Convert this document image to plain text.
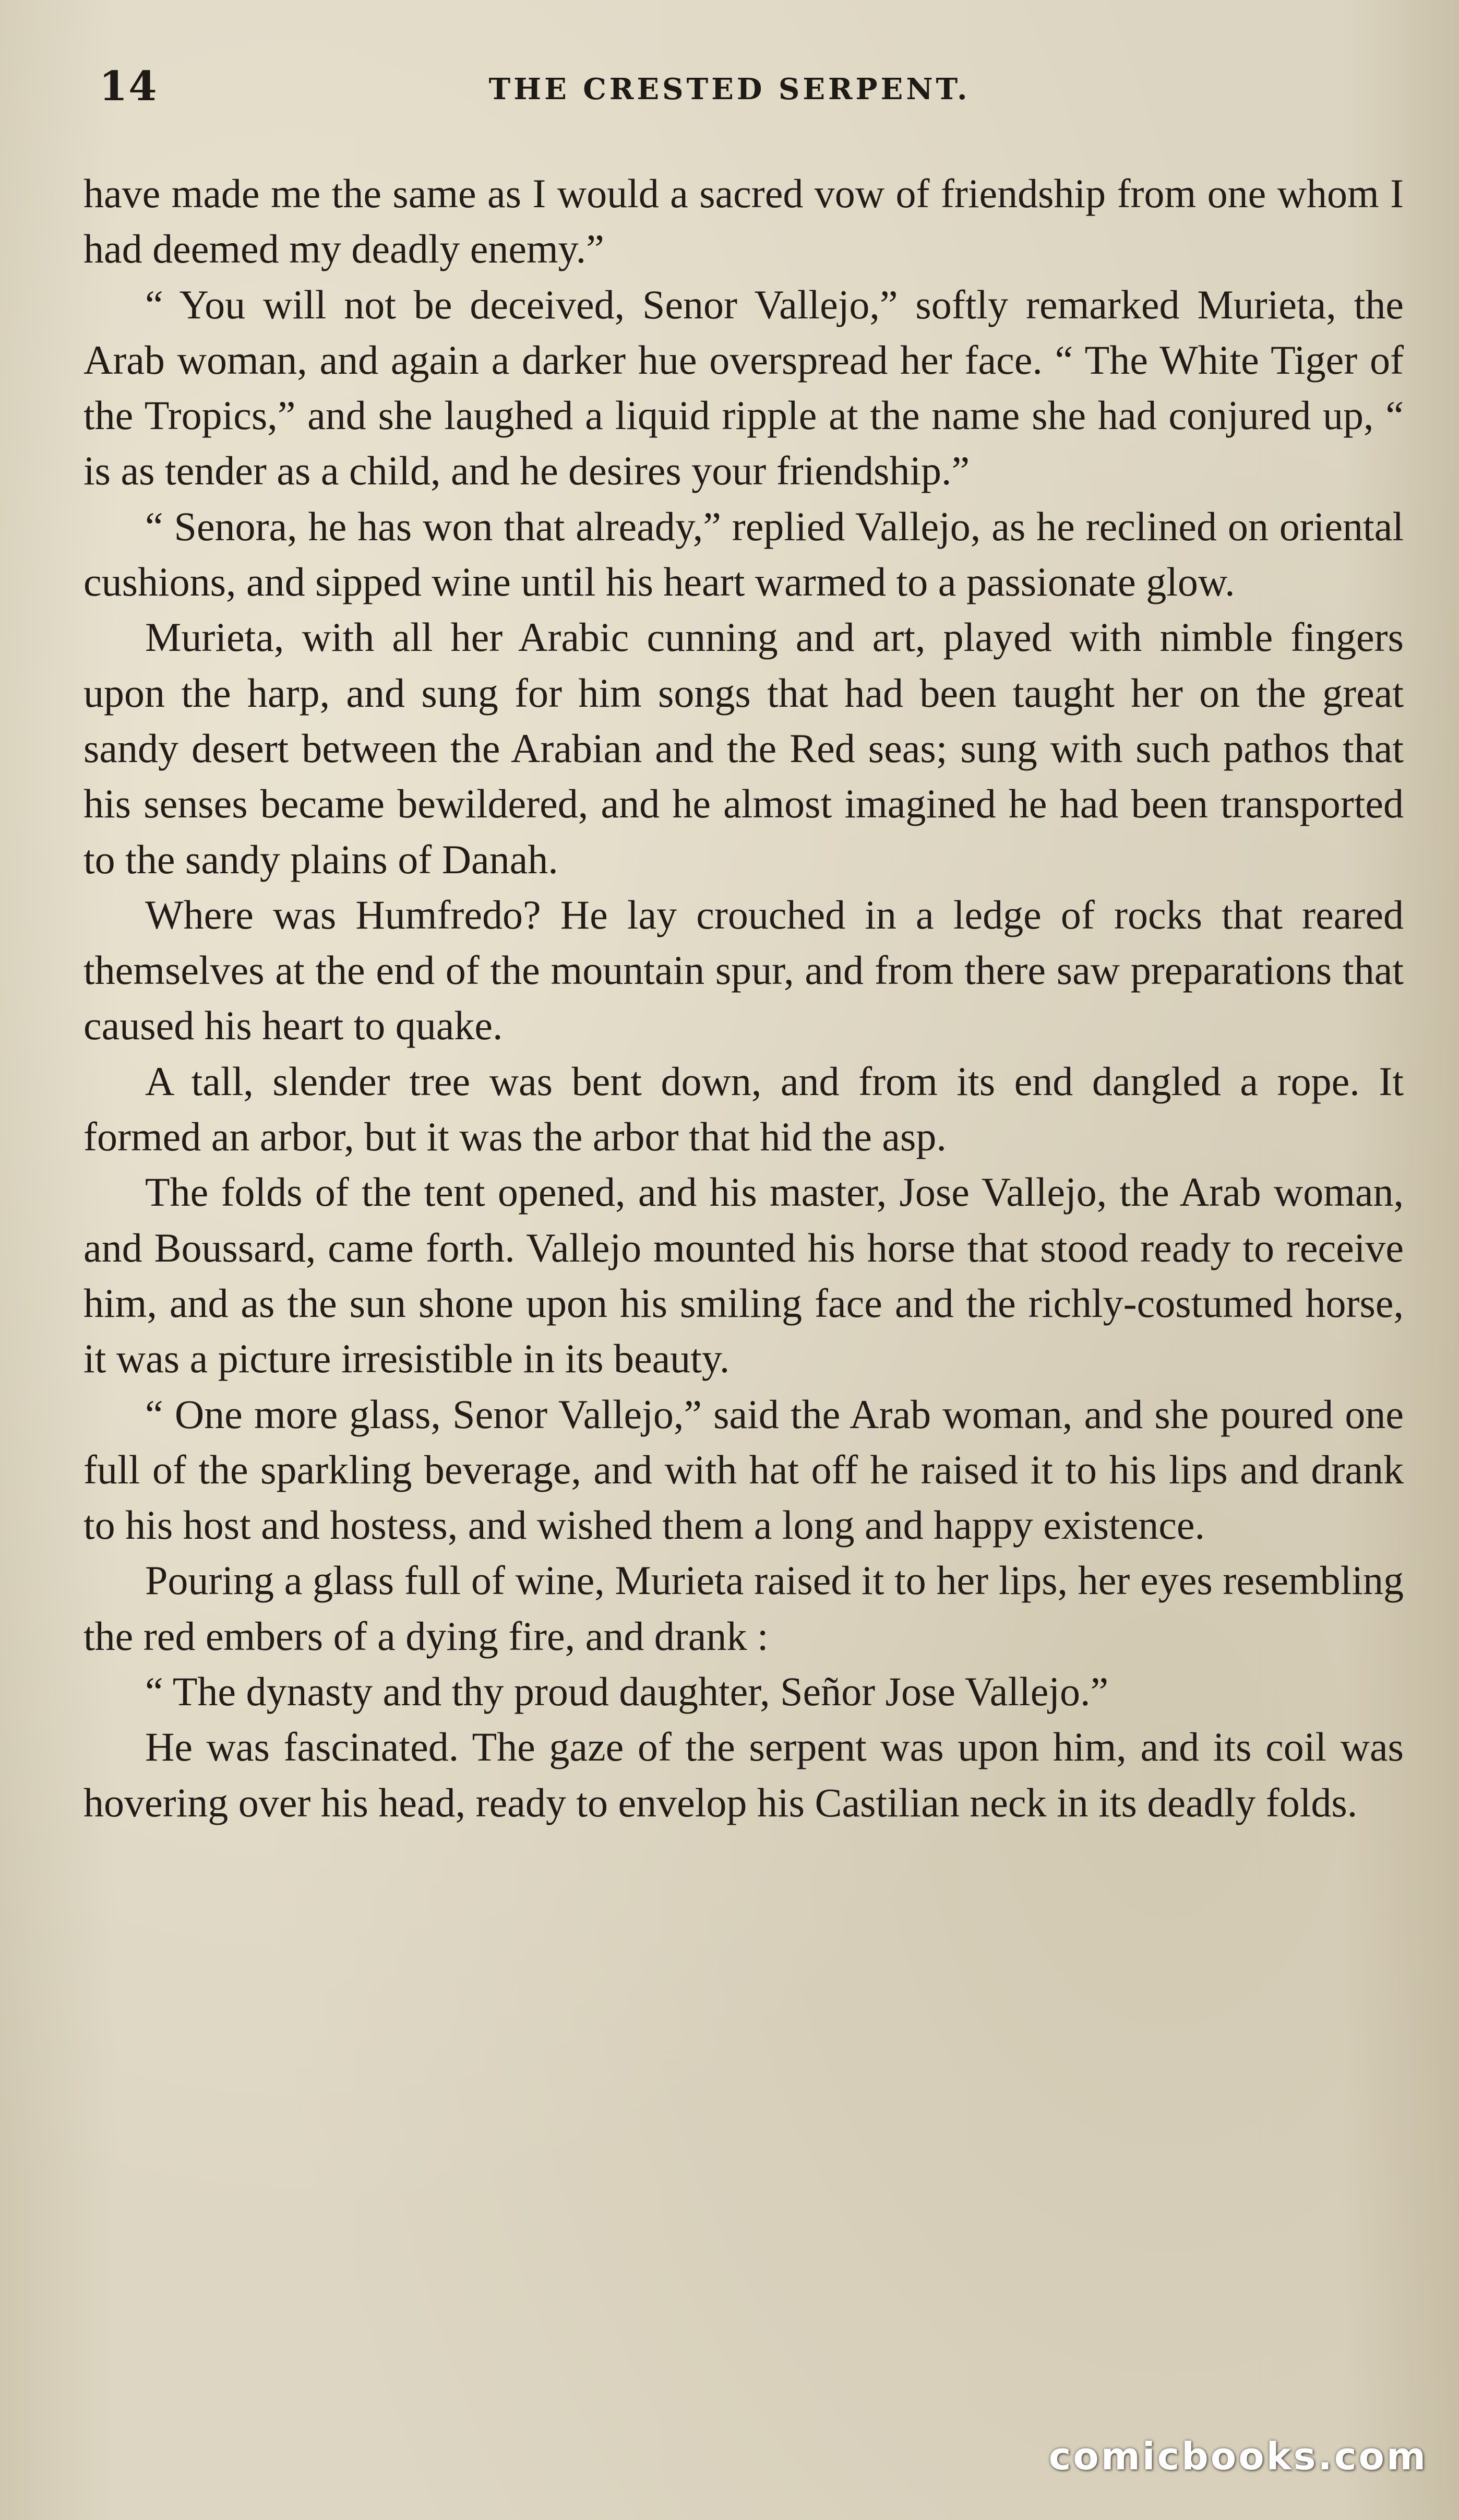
14	THE CRESTED SERPENT.

have made me the same as I would a sacred vow of friendship from one whom I had deemed my deadly enemy.”

“ You will not be deceived, Senor Vallejo,” softly remarked Murieta, the Arab woman, and again a darker hue overspread her face. “ The White Tiger of the Tropics,” and she laughed a liquid ripple at the name she had conjured up, “ is as tender as a child, and he desires your friendship.”

“ Senora, he has won that already,” replied Vallejo, as he reclined on oriental cushions, and sipped wine until his heart warmed to a passionate glow.

Murieta, with all her Arabic cunning and art, played with nimble fingers upon the harp, and sung for him songs that had been taught her on the great sandy desert between the Arabian and the Red seas; sung with such pathos that his senses became bewildered, and he almost imagined he had been transported to the sandy plains of Danah.

Where was Humfredo? He lay crouched in a ledge of rocks that reared themselves at the end of the mountain spur, and from there saw preparations that caused his heart to quake.

A tall, slender tree was bent down, and from its end dangled a rope. It formed an arbor, but it was the arbor that hid the asp.

The folds of the tent opened, and his master, Jose Vallejo, the Arab woman, and Boussard, came forth. Vallejo mounted his horse that stood ready to receive him, and as the sun shone upon his smiling face and the richly-costumed horse, it was a picture irresistible in its beauty.

“ One more glass, Senor Vallejo,” said the Arab woman, and she poured one full of the sparkling beverage, and with hat off he raised it to his lips and drank to his host and hostess, and wished them a long and happy existence.

Pouring a glass full of wine, Murieta raised it to her lips, her eyes resembling the red embers of a dying fire, and drank :

“ The dynasty and thy proud daughter, Señor Jose Vallejo.”

He was fascinated. The gaze of the serpent was upon him, and its coil was hovering over his head, ready to envelop his Castilian neck in its deadly folds.

comicbooks.com
